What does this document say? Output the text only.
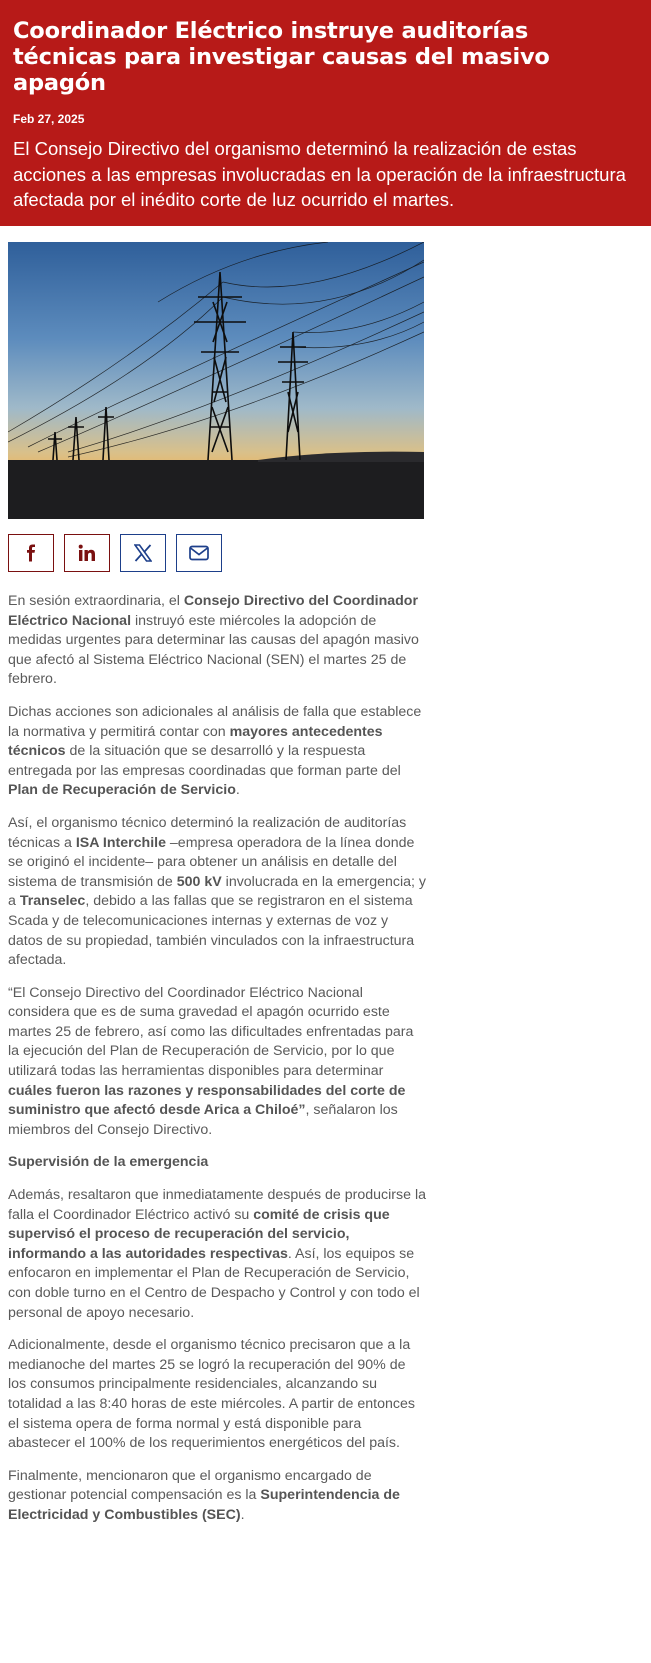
Coordinador Eléctrico instruye auditorías técnicas para investigar causas del masivo apagón
Feb 27, 2025
El Consejo Directivo del organismo determinó la realización de estas acciones a las empresas involucradas en la operación de la infraestructura afectada por el inédito corte de luz ocurrido el martes.

En sesión extraordinaria, el Consejo Directivo del Coordinador Eléctrico Nacional instruyó este miércoles la adopción de medidas urgentes para determinar las causas del apagón masivo que afectó al Sistema Eléctrico Nacional (SEN) el martes 25 de febrero.

Dichas acciones son adicionales al análisis de falla que establece la normativa y permitirá contar con mayores antecedentes técnicos de la situación que se desarrolló y la respuesta entregada por las empresas coordinadas que forman parte del Plan de Recuperación de Servicio.

Así, el organismo técnico determinó la realización de auditorías técnicas a ISA Interchile –empresa operadora de la línea donde se originó el incidente– para obtener un análisis en detalle del sistema de transmisión de 500 kV involucrada en la emergencia; y a Transelec, debido a las fallas que se registraron en el sistema Scada y de telecomunicaciones internas y externas de voz y datos de su propiedad, también vinculados con la infraestructura afectada.

“El Consejo Directivo del Coordinador Eléctrico Nacional considera que es de suma gravedad el apagón ocurrido este martes 25 de febrero, así como las dificultades enfrentadas para la ejecución del Plan de Recuperación de Servicio, por lo que utilizará todas las herramientas disponibles para determinar cuáles fueron las razones y responsabilidades del corte de suministro que afectó desde Arica a Chiloé”, señalaron los miembros del Consejo Directivo.

Supervisión de la emergencia

Además, resaltaron que inmediatamente después de producirse la falla el Coordinador Eléctrico activó su comité de crisis que supervisó el proceso de recuperación del servicio, informando a las autoridades respectivas. Así, los equipos se enfocaron en implementar el Plan de Recuperación de Servicio, con doble turno en el Centro de Despacho y Control y con todo el personal de apoyo necesario.

Adicionalmente, desde el organismo técnico precisaron que a la medianoche del martes 25 se logró la recuperación del 90% de los consumos principalmente residenciales, alcanzando su totalidad a las 8:40 horas de este miércoles. A partir de entonces el sistema opera de forma normal y está disponible para abastecer el 100% de los requerimientos energéticos del país.

Finalmente, mencionaron que el organismo encargado de gestionar potencial compensación es la Superintendencia de Electricidad y Combustibles (SEC).
